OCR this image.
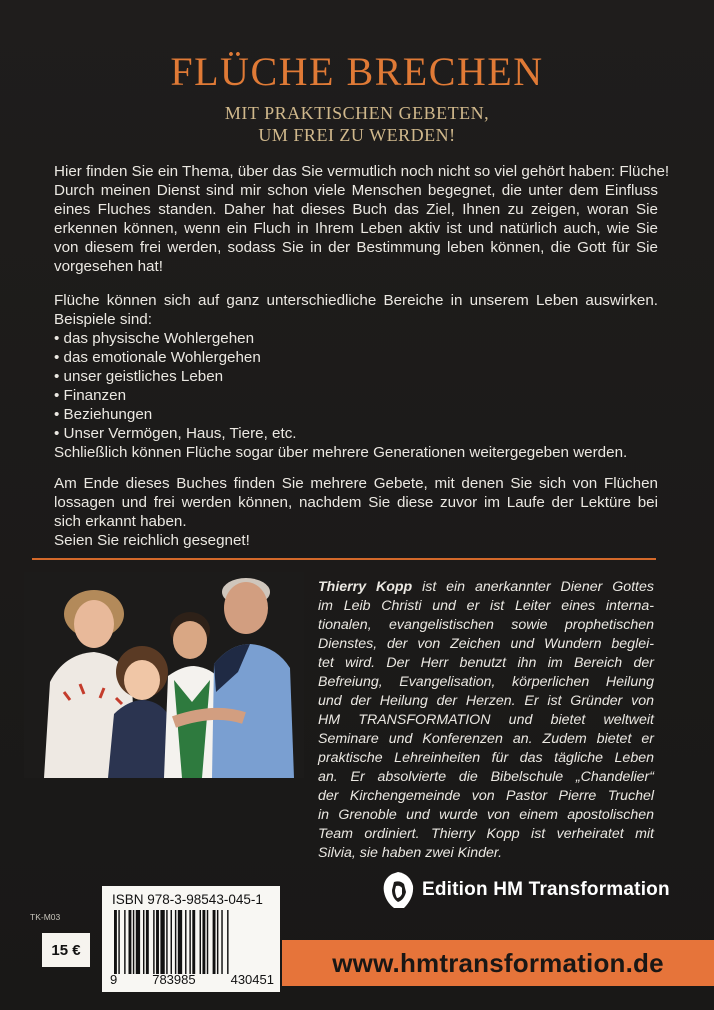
FLÜCHE BRECHEN
MIT PRAKTISCHEN GEBETEN,
UM FREI ZU WERDEN!
Hier finden Sie ein Thema, über das Sie vermutlich noch nicht so viel gehört haben: Flüche!
Durch meinen Dienst sind mir schon viele Menschen begegnet, die unter dem Einfluss
eines Fluches standen. Daher hat dieses Buch das Ziel, Ihnen zu zeigen, woran Sie
erkennen können, wenn ein Fluch in Ihrem Leben aktiv ist und natürlich auch, wie Sie
von diesem frei werden, sodass Sie in der Bestimmung leben können, die Gott für Sie
vorgesehen hat!
Flüche können sich auf ganz unterschiedliche Bereiche in unserem Leben auswirken.
Beispiele sind:
• das physische Wohlergehen
• das emotionale Wohlergehen
• unser geistliches Leben
• Finanzen
• Beziehungen
• Unser Vermögen, Haus, Tiere, etc.
Schließlich können Flüche sogar über mehrere Generationen weitergegeben werden.
Am Ende dieses Buches finden Sie mehrere Gebete, mit denen Sie sich von Flüchen
lossagen und frei werden können, nachdem Sie diese zuvor im Laufe der Lektüre bei
sich erkannt haben.
Seien Sie reichlich gesegnet!
Thierry Kopp ist ein anerkannter Diener Gottes
im Leib Christi und er ist Leiter eines interna-
tionalen, evangelistischen sowie prophetischen
Dienstes, der von Zeichen und Wundern beglei-
tet wird. Der Herr benutzt ihn im Bereich der
Befreiung, Evangelisation, körperlichen Heilung
und der Heilung der Herzen. Er ist Gründer von
HM TRANSFORMATION und bietet weltweit
Seminare und Konferenzen an. Zudem bietet er
praktische Lehreinheiten für das tägliche Leben
an. Er absolvierte die Bibelschule „Chandelier“
der Kirchengemeinde von Pastor Pierre Truchel
in Grenoble und wurde von einem apostolischen
Team ordiniert. Thierry Kopp ist verheiratet mit
Silvia, sie haben zwei Kinder.
Edition HM Transformation
TK-M03
15 €
ISBN 978-3-98543-045-1
9	783985	430451
www.hmtransformation.de
